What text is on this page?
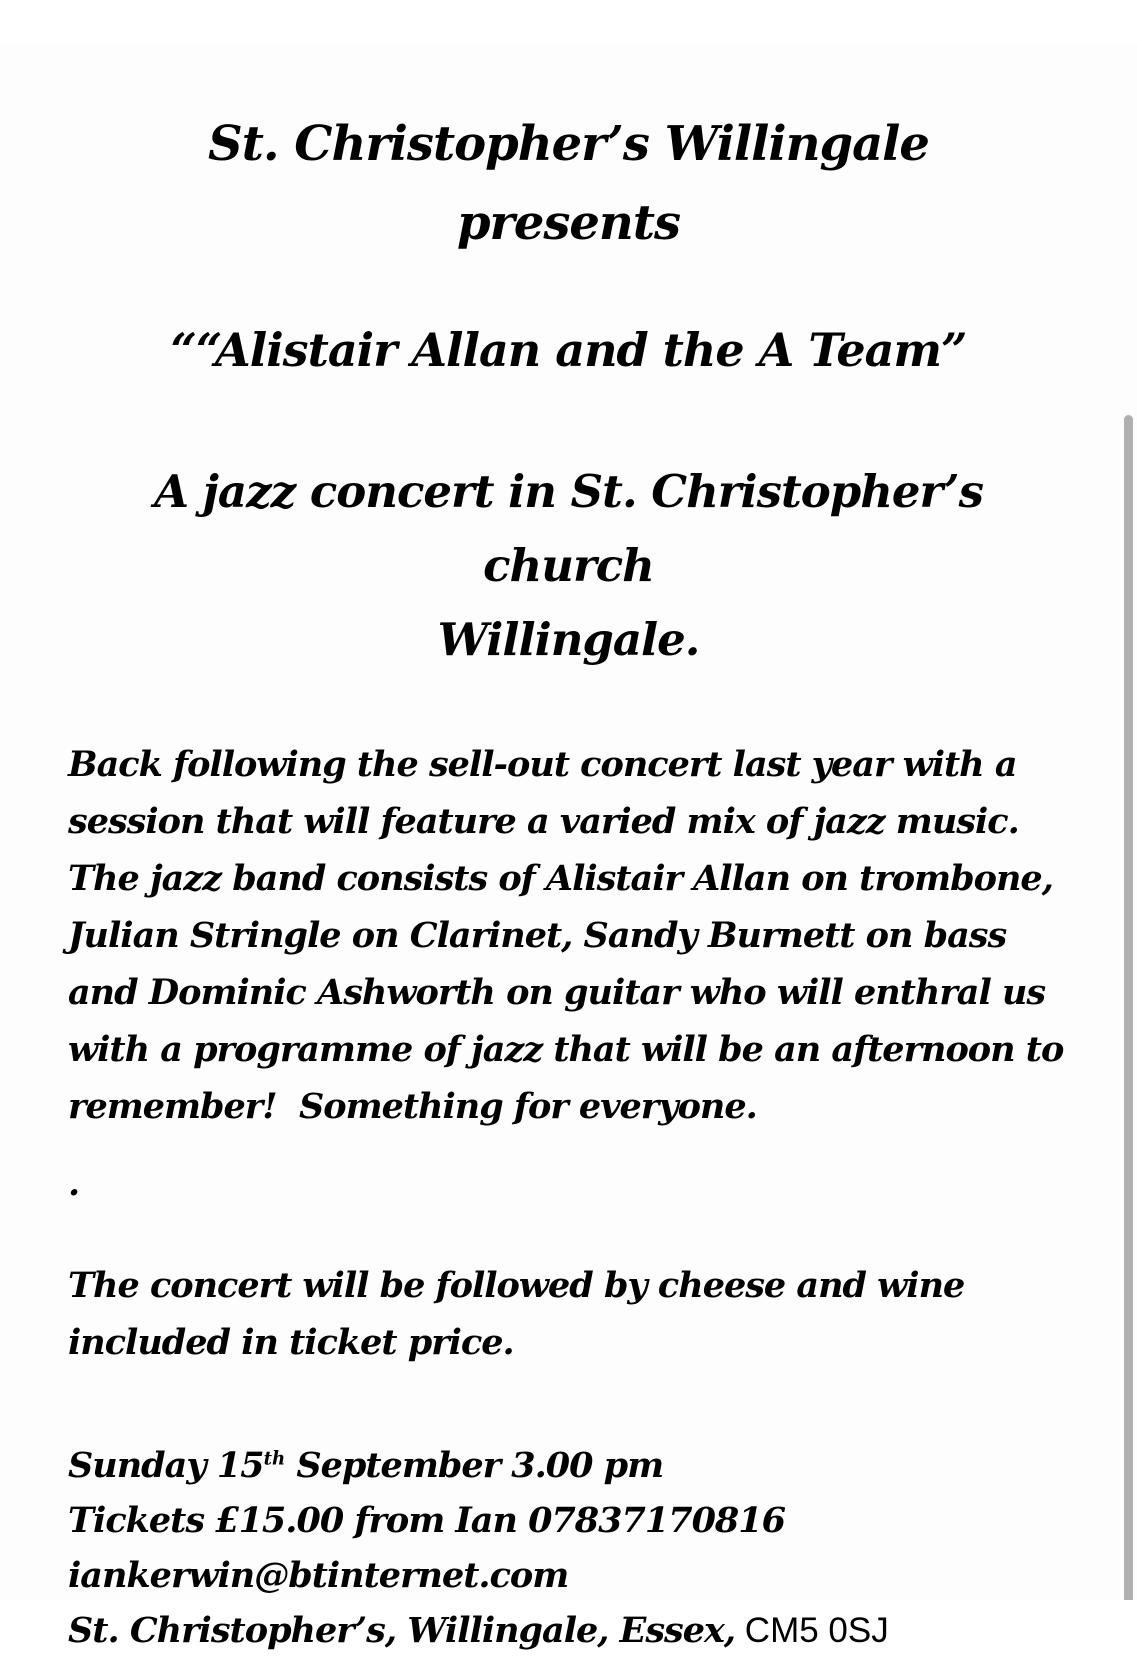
St. Christopher’s Willingale
presents
““Alistair Allan and the A Team”
A jazz concert in St. Christopher’s church
Willingale.
Back following the sell-out concert last year with a session that will feature a varied mix of jazz music.  The jazz band consists of Alistair Allan on trombone, Julian Stringle on Clarinet, Sandy Burnett on bass and Dominic Ashworth on guitar who will enthral us with a programme of jazz that will be an afternoon to remember!  Something for everyone.
.
The concert will be followed by cheese and wine included in ticket price.
Sunday 15th September 3.00 pm
Tickets £15.00 from Ian 07837170816
iankerwin@btinternet.com
St. Christopher’s, Willingale, Essex, CM5 0SJ
